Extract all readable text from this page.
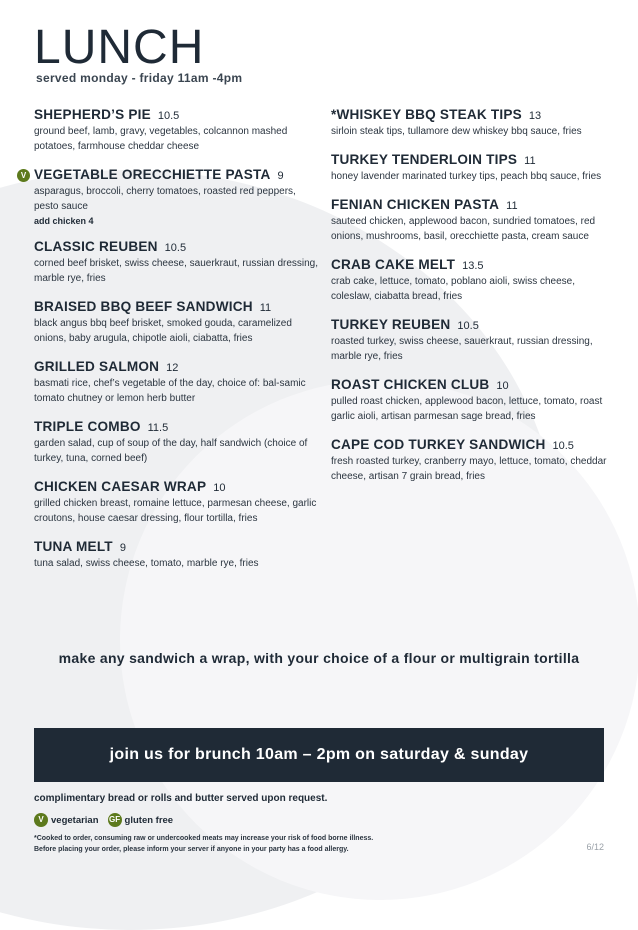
LUNCH
served monday - friday 11am -4pm
SHEPHERD’S PIE 10.5
ground beef, lamb, gravy, vegetables, colcannon mashed potatoes, farmhouse cheddar cheese
V VEGETABLE ORECCHIETTE PASTA 9
asparagus, broccoli, cherry tomatoes, roasted red peppers, pesto sauce
add chicken 4
CLASSIC REUBEN 10.5
corned beef brisket, swiss cheese, sauerkraut, russian dressing, marble rye, fries
BRAISED BBQ BEEF SANDWICH 11
black angus bbq beef brisket, smoked gouda, caramelized onions, baby arugula, chipotle aioli, ciabatta, fries
GRILLED SALMON 12
basmati rice, chef’s vegetable of the day, choice of: bal-samic tomato chutney or lemon herb butter
TRIPLE COMBO 11.5
garden salad, cup of soup of the day, half sandwich (choice of turkey, tuna, corned beef)
CHICKEN CAESAR WRAP 10
grilled chicken breast, romaine lettuce, parmesan cheese, garlic croutons, house caesar dressing, flour tortilla, fries
TUNA MELT 9
tuna salad, swiss cheese, tomato, marble rye, fries
*WHISKEY BBQ STEAK TIPS 13
sirloin steak tips, tullamore dew whiskey bbq sauce, fries
TURKEY TENDERLOIN TIPS 11
honey lavender marinated turkey tips, peach bbq sauce, fries
FENIAN CHICKEN PASTA 11
sauteed chicken, applewood bacon, sundried tomatoes, red onions, mushrooms, basil, orecchiette pasta, cream sauce
CRAB CAKE MELT 13.5
crab cake, lettuce, tomato, poblano aioli, swiss cheese, coleslaw, ciabatta bread, fries
TURKEY REUBEN 10.5
roasted turkey, swiss cheese, sauerkraut, russian dressing, marble rye, fries
ROAST CHICKEN CLUB 10
pulled roast chicken, applewood bacon, lettuce, tomato, roast garlic aioli, artisan parmesan sage bread, fries
CAPE COD TURKEY SANDWICH 10.5
fresh roasted turkey, cranberry mayo, lettuce, tomato, cheddar cheese, artisan 7 grain bread, fries
make any sandwich a wrap, with your choice of a flour or multigrain tortilla
join us for brunch 10am – 2pm on saturday & sunday
complimentary bread or rolls and butter served upon request.
V vegetarian GF gluten free
*Cooked to order, consuming raw or undercooked meats may increase your risk of food borne illness.
Before placing your order, please inform your server if anyone in your party has a food allergy.	6/12
